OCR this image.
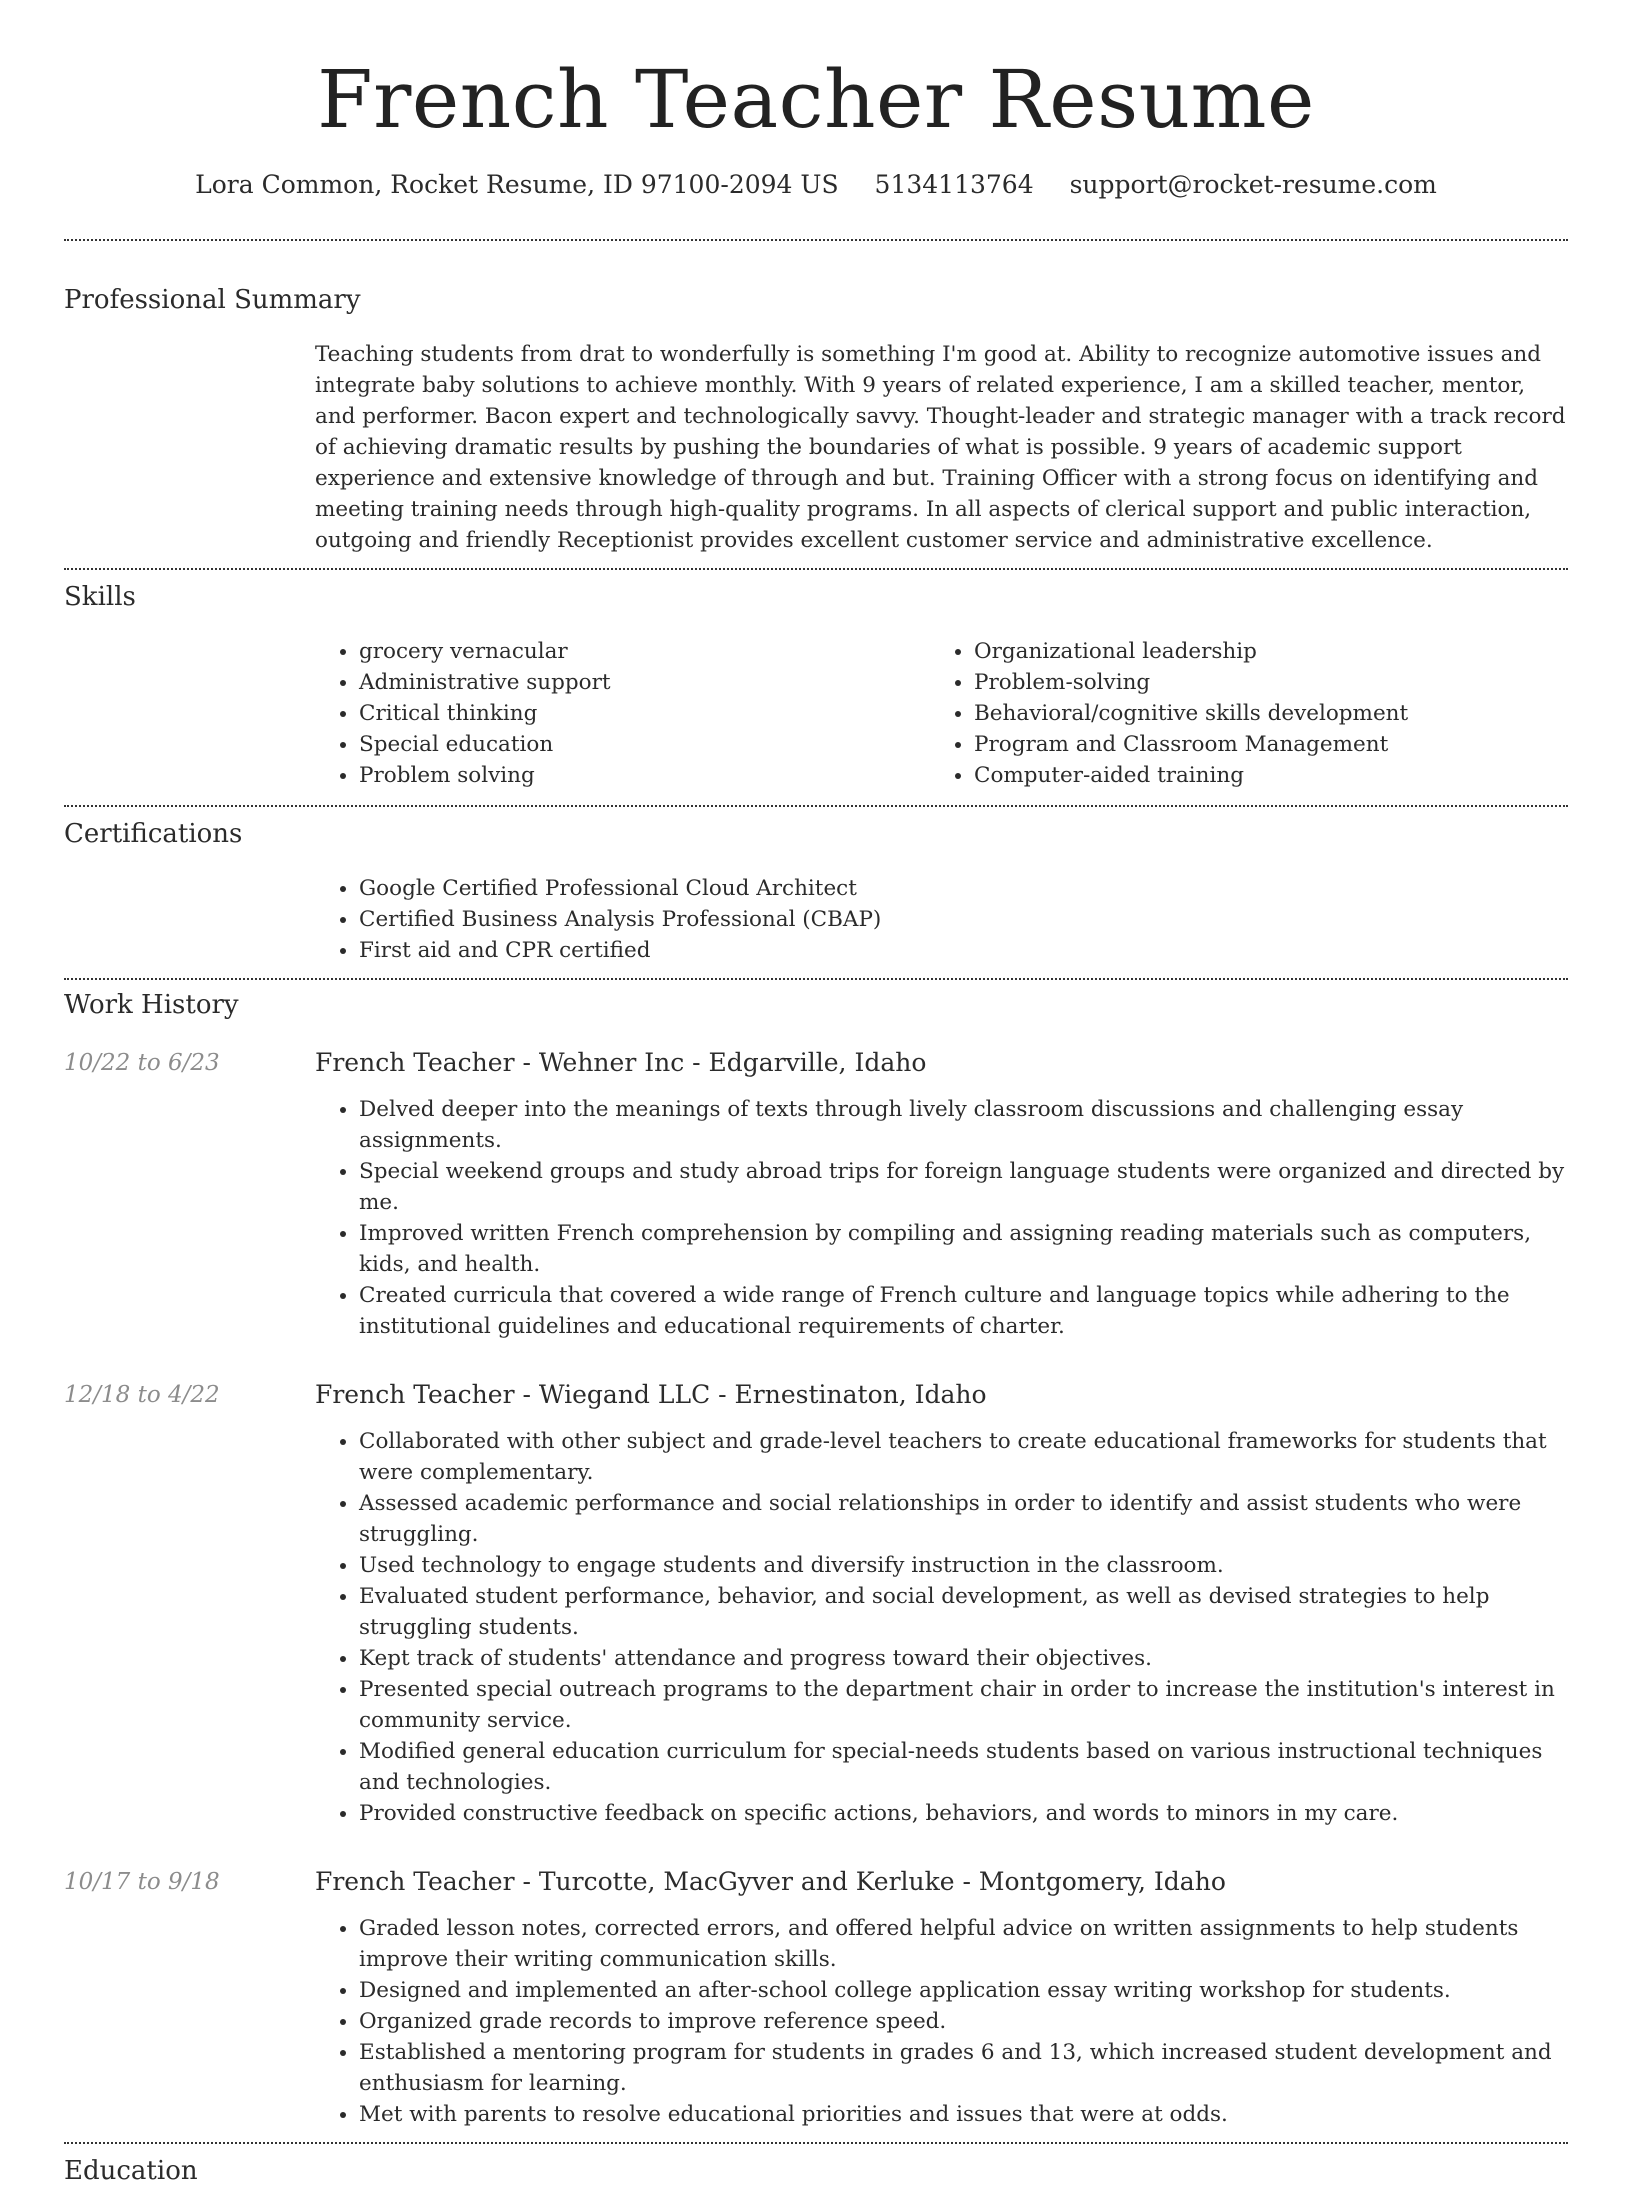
French Teacher Resume
Lora Common, Rocket Resume, ID 97100-2094 US 5134113764 support@rocket-resume.com
Professional Summary

Teaching students from drat to wonderfully is something I'm good at. Ability to recognize automotive issues and integrate baby solutions to achieve monthly. With 9 years of related experience, I am a skilled teacher, mentor, and performer. Bacon expert and technologically savvy. Thought-leader and strategic manager with a track record of achieving dramatic results by pushing the boundaries of what is possible. 9 years of academic support experience and extensive knowledge of through and but. Training Officer with a strong focus on identifying and meeting training needs through high-quality programs. In all aspects of clerical support and public interaction, outgoing and friendly Receptionist provides excellent customer service and administrative excellence.

Skills
• grocery vernacular
• Administrative support
• Critical thinking
• Special education
• Problem solving
• Organizational leadership
• Problem-solving
• Behavioral/cognitive skills development
• Program and Classroom Management
• Computer-aided training
Certifications
• Google Certified Professional Cloud Architect
• Certified Business Analysis Professional (CBAP)
• First aid and CPR certified
Work History
10/22 to 6/23	French Teacher - Wehner Inc - Edgarville, Idaho
• Delved deeper into the meanings of texts through lively classroom discussions and challenging essay assignments.
• Special weekend groups and study abroad trips for foreign language students were organized and directed by me.
• Improved written French comprehension by compiling and assigning reading materials such as computers, kids, and health.
• Created curricula that covered a wide range of French culture and language topics while adhering to the institutional guidelines and educational requirements of charter.
12/18 to 4/22	French Teacher - Wiegand LLC - Ernestinaton, Idaho
• Collaborated with other subject and grade-level teachers to create educational frameworks for students that were complementary.
• Assessed academic performance and social relationships in order to identify and assist students who were struggling.
• Used technology to engage students and diversify instruction in the classroom.
• Evaluated student performance, behavior, and social development, as well as devised strategies to help struggling students.
• Kept track of students' attendance and progress toward their objectives.
• Presented special outreach programs to the department chair in order to increase the institution's interest in community service.
• Modified general education curriculum for special-needs students based on various instructional techniques and technologies.
• Provided constructive feedback on specific actions, behaviors, and words to minors in my care.
10/17 to 9/18	French Teacher - Turcotte, MacGyver and Kerluke - Montgomery, Idaho
• Graded lesson notes, corrected errors, and offered helpful advice on written assignments to help students improve their writing communication skills.
• Designed and implemented an after-school college application essay writing workshop for students.
• Organized grade records to improve reference speed.
• Established a mentoring program for students in grades 6 and 13, which increased student development and enthusiasm for learning.
• Met with parents to resolve educational priorities and issues that were at odds.
Education
